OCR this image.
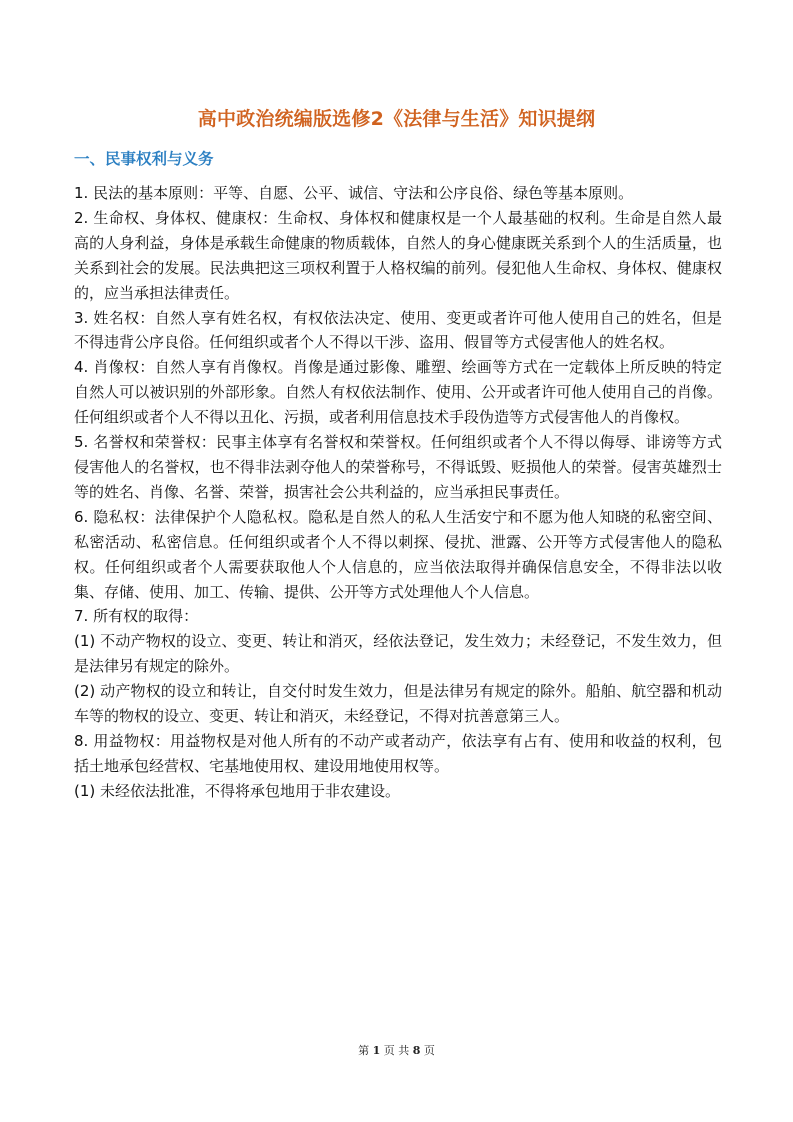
高中政治统编版选修2《法律与生活》知识提纲
一、民事权利与义务

1. 民法的基本原则：平等、自愿、公平、诚信、守法和公序良俗、绿色等基本原则。

2. 生命权、身体权、健康权：生命权、身体权和健康权是一个人最基础的权利。生命是自然人最高的人身利益，身体是承载生命健康的物质载体，自然人的身心健康既关系到个人的生活质量，也关系到社会的发展。民法典把这三项权利置于人格权编的前列。侵犯他人生命权、身体权、健康权的，应当承担法律责任。

3. 姓名权：自然人享有姓名权，有权依法决定、使用、变更或者许可他人使用自己的姓名，但是不得违背公序良俗。任何组织或者个人不得以干涉、盗用、假冒等方式侵害他人的姓名权。

4. 肖像权：自然人享有肖像权。肖像是通过影像、雕塑、绘画等方式在一定载体上所反映的特定自然人可以被识别的外部形象。自然人有权依法制作、使用、公开或者许可他人使用自己的肖像。任何组织或者个人不得以丑化、污损，或者利用信息技术手段伪造等方式侵害他人的肖像权。

5. 名誉权和荣誉权：民事主体享有名誉权和荣誉权。任何组织或者个人不得以侮辱、诽谤等方式侵害他人的名誉权，也不得非法剥夺他人的荣誉称号，不得诋毁、贬损他人的荣誉。侵害英雄烈士等的姓名、肖像、名誉、荣誉，损害社会公共利益的，应当承担民事责任。

6. 隐私权：法律保护个人隐私权。隐私是自然人的私人生活安宁和不愿为他人知晓的私密空间、私密活动、私密信息。任何组织或者个人不得以刺探、侵扰、泄露、公开等方式侵害他人的隐私权。任何组织或者个人需要获取他人个人信息的，应当依法取得并确保信息安全，不得非法以收集、存储、使用、加工、传输、提供、公开等方式处理他人个人信息。

7. 所有权的取得：

(1) 不动产物权的设立、变更、转让和消灭，经依法登记，发生效力；未经登记，不发生效力，但是法律另有规定的除外。

(2) 动产物权的设立和转让，自交付时发生效力，但是法律另有规定的除外。船舶、航空器和机动车等的物权的设立、变更、转让和消灭，未经登记，不得对抗善意第三人。

8. 用益物权：用益物权是对他人所有的不动产或者动产，依法享有占有、使用和收益的权利，包括土地承包经营权、宅基地使用权、建设用地使用权等。

(1) 未经依法批准，不得将承包地用于非农建设。

第 1 页 共 8 页
